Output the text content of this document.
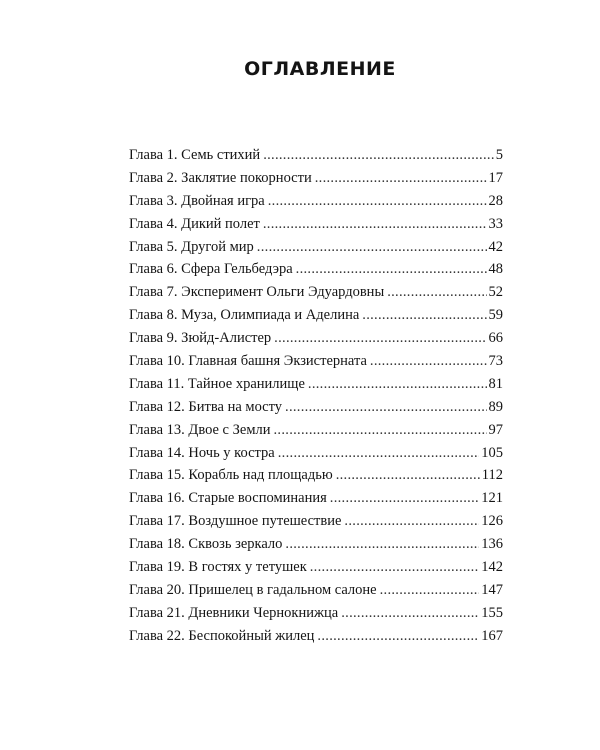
ОГЛАВЛЕНИЕ
Глава 1. Семь стихий .....	5
Глава 2. Заклятие покорности .....	17
Глава 3. Двойная игра .....	28
Глава 4. Дикий полет .....	33
Глава 5. Другой мир .....	42
Глава 6. Сфера Гельбедэра .....	48
Глава 7. Эксперимент Ольги Эдуардовны .....	52
Глава 8. Муза, Олимпиада и Аделина .....	59
Глава 9. Зюйд-Алистер .....	66
Глава 10. Главная башня Экзистерната .....	73
Глава 11. Тайное хранилище .....	81
Глава 12. Битва на мосту .....	89
Глава 13. Двое с Земли .....	97
Глава 14. Ночь у костра .....	105
Глава 15. Корабль над площадью .....	112
Глава 16. Старые воспоминания .....	121
Глава 17. Воздушное путешествие .....	126
Глава 18. Сквозь зеркало .....	136
Глава 19. В гостях у тетушек .....	142
Глава 20. Пришелец в гадальном салоне .....	147
Глава 21. Дневники Чернокнижца .....	155
Глава 22. Беспокойный жилец .....	167
